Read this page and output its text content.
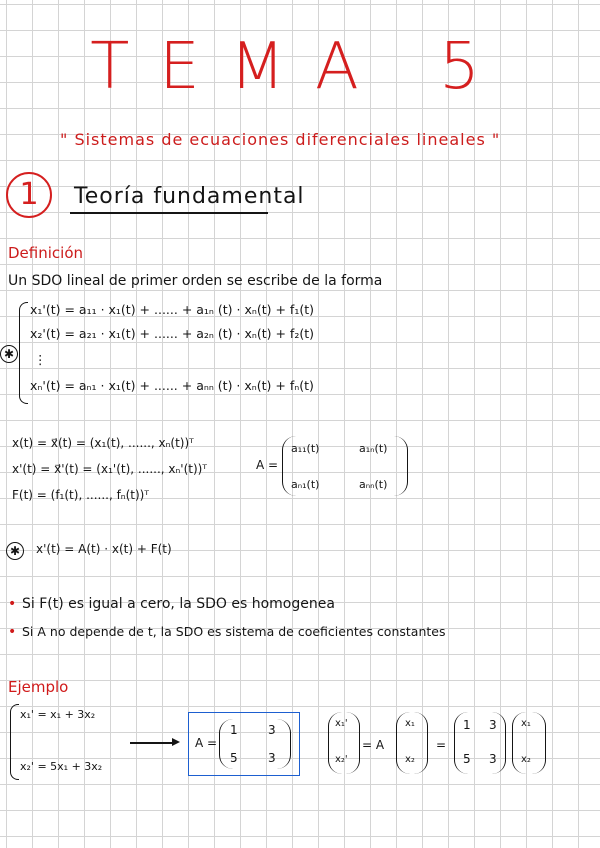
TEMA 5
" Sistemas de ecuaciones diferenciales lineales "
1	Teoría fundamental
Definición
Un SDO lineal de primer orden se escribe de la forma
✱
x₁'(t) = a₁₁ · x₁(t) + ...... + a₁ₙ (t) · xₙ(t) + f₁(t)
x₂'(t) = a₂₁ · x₁(t) + ...... + a₂ₙ (t) · xₙ(t) + f₂(t)
⋮
xₙ'(t) = aₙ₁ · x₁(t) + ...... + aₙₙ (t) · xₙ(t) + fₙ(t)
x(t) = x⃗(t) = (x₁(t), ......, xₙ(t))ᵀ
x'(t) = x⃗'(t) = (x₁'(t), ......, xₙ'(t))ᵀ
F(t) = (f₁(t), ......, fₙ(t))ᵀ
A =
a₁₁(t)	a₁ₙ(t)
aₙ₁(t)	aₙₙ(t)
✱	x'(t) = A(t) · x(t) + F(t)
• Si F(t) es igual a cero, la SDO es homogenea
• Si A no depende de t, la SDO es sistema de coeficientes constantes
Ejemplo
x₁' = x₁ + 3x₂
x₂' = 5x₁ + 3x₂
A =
1	3
5	3
x₁'
x₂'
= A
x₁
x₂
=
1 3
5 3
x₁
x₂
